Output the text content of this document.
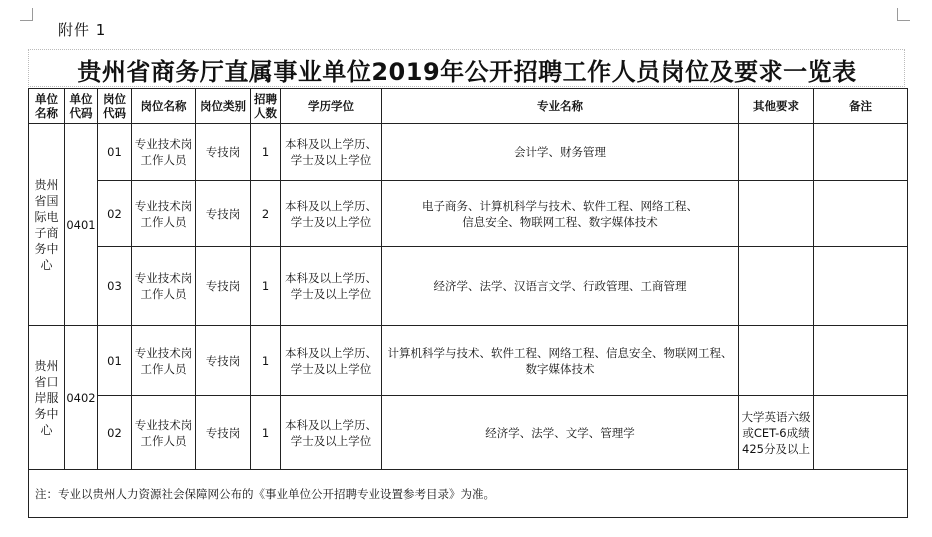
附件 1
贵州省商务厅直属事业单位2019年公开招聘工作人员岗位及要求一览表
单位名称	单位代码	岗位代码	岗位名称	岗位类别	招聘人数	学历学位	专业名称	其他要求	备注
贵州省国际电子商务中心	0401	01	专业技术岗工作人员	专技岗	1	本科及以上学历、学士及以上学位	会计学、财务管理		
		02	专业技术岗工作人员	专技岗	2	本科及以上学历、学士及以上学位	电子商务、计算机科学与技术、软件工程、网络工程、信息安全、物联网工程、数字媒体技术		
		03	专业技术岗工作人员	专技岗	1	本科及以上学历、学士及以上学位	经济学、法学、汉语言文学、行政管理、工商管理		
贵州省口岸服务中心	0402	01	专业技术岗工作人员	专技岗	1	本科及以上学历、学士及以上学位	计算机科学与技术、软件工程、网络工程、信息安全、物联网工程、数字媒体技术		
		02	专业技术岗工作人员	专技岗	1	本科及以上学历、学士及以上学位	经济学、法学、文学、管理学	大学英语六级或CET-6成绩425分及以上	
注：专业以贵州人力资源社会保障网公布的《事业单位公开招聘专业设置参考目录》为准。									
